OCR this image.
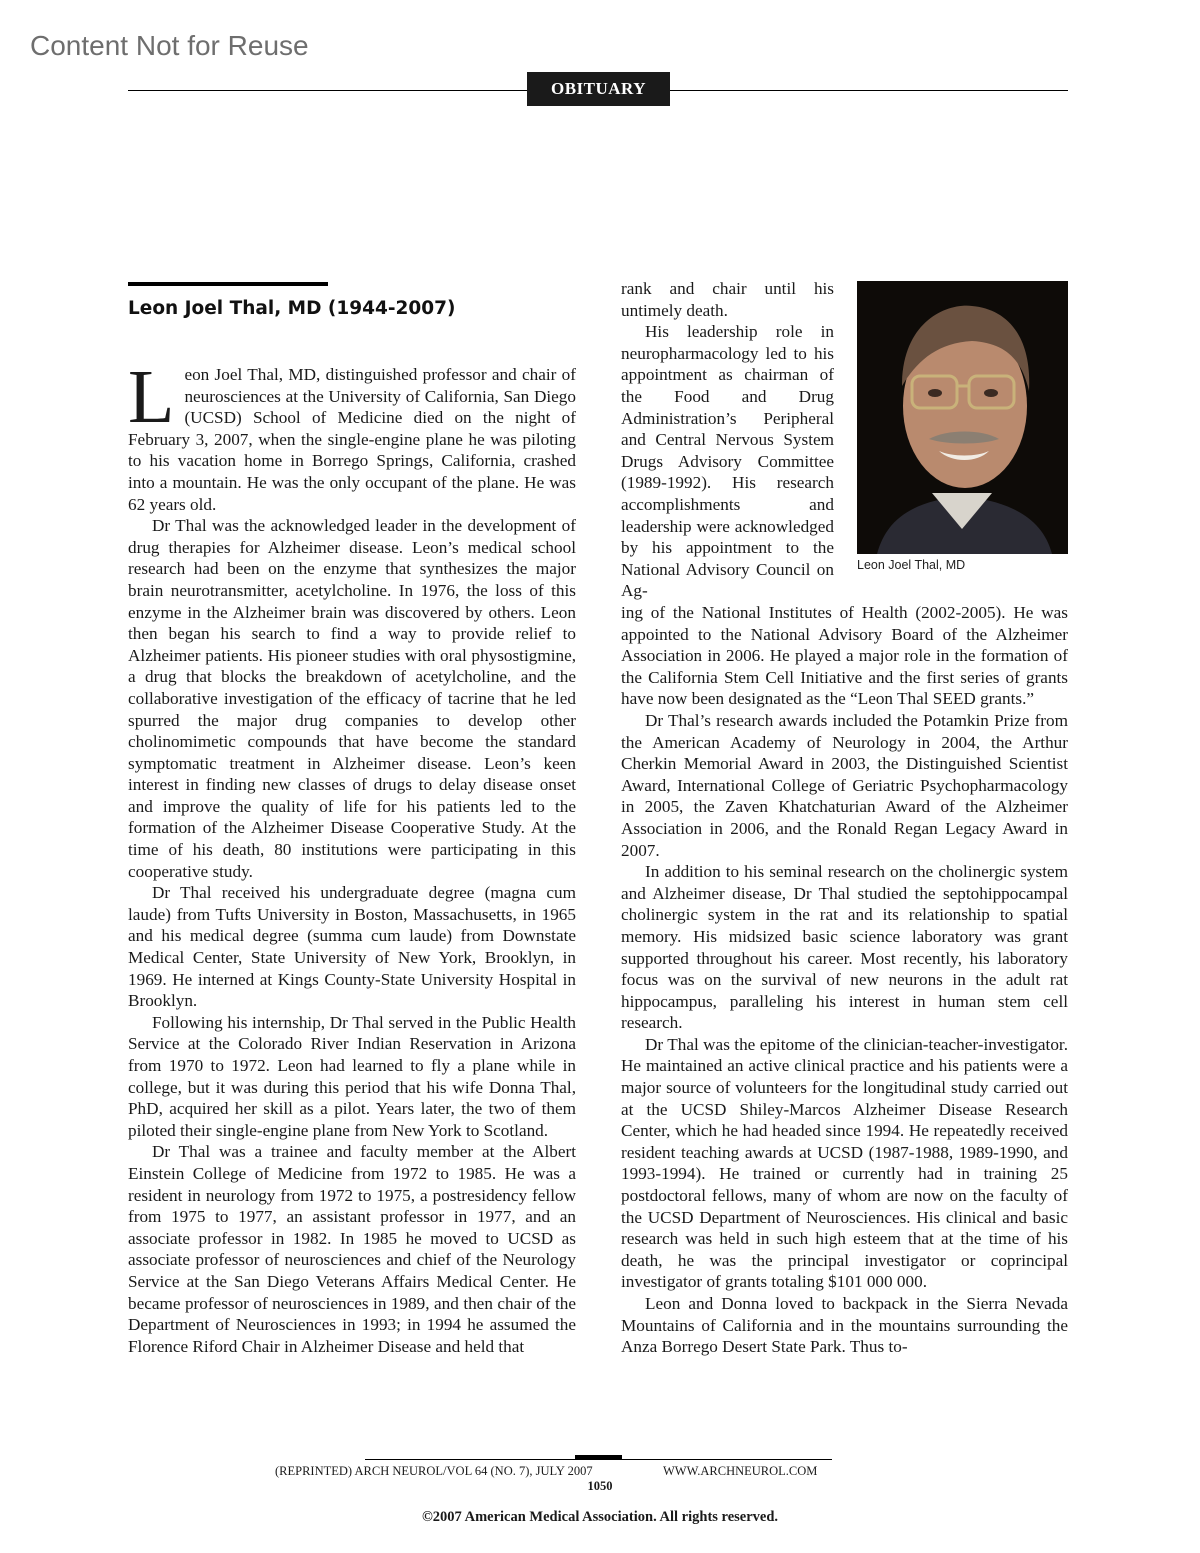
Content Not for Reuse
OBITUARY
Leon Joel Thal, MD (1944-2007)

Leon Joel Thal, MD, distinguished professor and chair of neurosciences at the University of California, San Diego (UCSD) School of Medicine died on the night of February 3, 2007, when the single-engine plane he was piloting to his vacation home in Borrego Springs, California, crashed into a mountain. He was the only occupant of the plane. He was 62 years old.

Dr Thal was the acknowledged leader in the development of drug therapies for Alzheimer disease. Leon’s medical school research had been on the enzyme that synthesizes the major brain neurotransmitter, acetylcholine. In 1976, the loss of this enzyme in the Alzheimer brain was discovered by others. Leon then began his search to find a way to provide relief to Alzheimer patients. His pioneer studies with oral physostigmine, a drug that blocks the breakdown of acetylcholine, and the collaborative investigation of the efficacy of tacrine that he led spurred the major drug companies to develop other cholinomimetic compounds that have become the standard symptomatic treatment in Alzheimer disease. Leon’s keen interest in finding new classes of drugs to delay disease onset and improve the quality of life for his patients led to the formation of the Alzheimer Disease Cooperative Study. At the time of his death, 80 institutions were participating in this cooperative study.

Dr Thal received his undergraduate degree (magna cum laude) from Tufts University in Boston, Massachusetts, in 1965 and his medical degree (summa cum laude) from Downstate Medical Center, State University of New York, Brooklyn, in 1969. He interned at Kings County-State University Hospital in Brooklyn.

Following his internship, Dr Thal served in the Public Health Service at the Colorado River Indian Reservation in Arizona from 1970 to 1972. Leon had learned to fly a plane while in college, but it was during this period that his wife Donna Thal, PhD, acquired her skill as a pilot. Years later, the two of them piloted their single-engine plane from New York to Scotland.

Dr Thal was a trainee and faculty member at the Albert Einstein College of Medicine from 1972 to 1985. He was a resident in neurology from 1972 to 1975, a postresidency fellow from 1975 to 1977, an assistant professor in 1977, and an associate professor in 1982. In 1985 he moved to UCSD as associate professor of neurosciences and chief of the Neurology Service at the San Diego Veterans Affairs Medical Center. He became professor of neurosciences in 1989, and then chair of the Department of Neurosciences in 1993; in 1994 he assumed the Florence Riford Chair in Alzheimer Disease and held that

rank and chair until his untimely death.

His leadership role in neuropharmacology led to his appointment as chairman of the Food and Drug Administration’s Peripheral and Central Nervous System Drugs Advisory Committee (1989-1992). His research accomplishments and leadership were acknowledged by his appointment to the National Advisory Council on Ag-

Leon Joel Thal, MD

ing of the National Institutes of Health (2002-2005). He was appointed to the National Advisory Board of the Alzheimer Association in 2006. He played a major role in the formation of the California Stem Cell Initiative and the first series of grants have now been designated as the “Leon Thal SEED grants.”

Dr Thal’s research awards included the Potamkin Prize from the American Academy of Neurology in 2004, the Arthur Cherkin Memorial Award in 2003, the Distinguished Scientist Award, International College of Geriatric Psychopharmacology in 2005, the Zaven Khatchaturian Award of the Alzheimer Association in 2006, and the Ronald Regan Legacy Award in 2007.

In addition to his seminal research on the cholinergic system and Alzheimer disease, Dr Thal studied the septohippocampal cholinergic system in the rat and its relationship to spatial memory. His midsized basic science laboratory was grant supported throughout his career. Most recently, his laboratory focus was on the survival of new neurons in the adult rat hippocampus, paralleling his interest in human stem cell research.

Dr Thal was the epitome of the clinician-teacher-investigator. He maintained an active clinical practice and his patients were a major source of volunteers for the longitudinal study carried out at the UCSD Shiley-Marcos Alzheimer Disease Research Center, which he had headed since 1994. He repeatedly received resident teaching awards at UCSD (1987-1988, 1989-1990, and 1993-1994). He trained or currently had in training 25 postdoctoral fellows, many of whom are now on the faculty of the UCSD Department of Neurosciences. His clinical and basic research was held in such high esteem that at the time of his death, he was the principal investigator or coprincipal investigator of grants totaling $101 000 000.

Leon and Donna loved to backpack in the Sierra Nevada Mountains of California and in the mountains surrounding the Anza Borrego Desert State Park. Thus to-

(REPRINTED) ARCH NEUROL/VOL 64 (NO. 7), JULY 2007	WWW.ARCHNEUROL.COM
1050
©2007 American Medical Association. All rights reserved.
